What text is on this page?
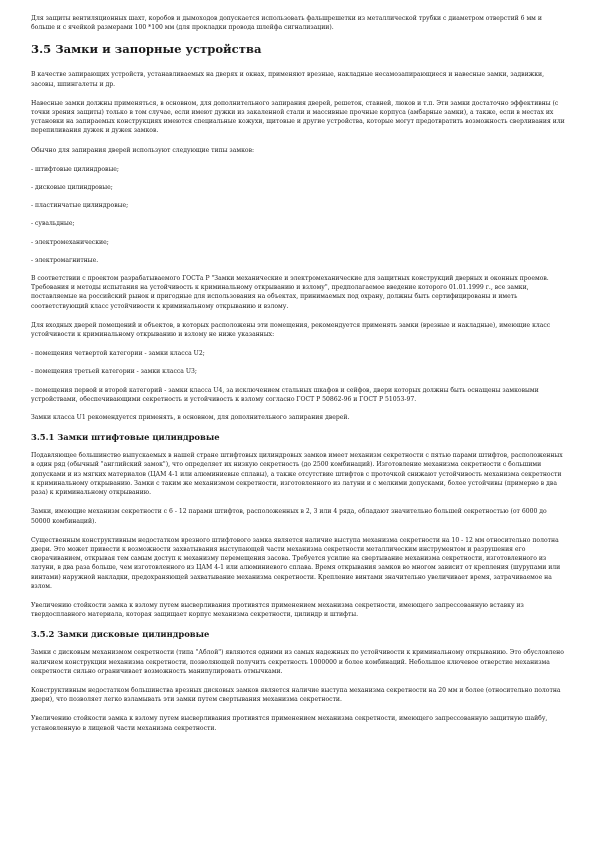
Для защиты вентиляционных шахт, коробов и дымоходов допускается использовать фальшрешетки из металлической трубки с диаметром отверстий 6 мм и больше и с ячейкой размерами 100 *100 мм (для прокладки провода шлейфа сигнализации).

3.5 Замки и запорные устройства

В качестве запирающих устройств, устанавливаемых на дверях и окнах, применяют врезные, накладные несамозапирающиеся и навесные замки, задвижки, засовы, шпингалеты и др.

Навесные замки должны применяться, в основном, для дополнительного запирания дверей, решеток, ставней, люков и т.п. Эти замки достаточно эффективны (с точки зрения защиты) только в том случае, если имеют дужки из закаленной стали и массивные прочные корпуса (амбарные замки), а также, если в местах их установки на запираемых конструкциях имеются специальные кожухи, щитовые и другие устройства, которые могут предотвратить возможность сверливания или перепиливания дужек и дужек замков.

Обычно для запирания дверей используют следующие типы замков:

- штифтовые цилиндровые;

- дисковые цилиндровые;

- пластинчатые цилиндровые;

- сувальдные;

- электромеханические;

- электромагнитные.

В соответствии с проектом разрабатываемого ГОСТа Р "Замки механические и электромеханические для защитных конструкций дверных и оконных проемов. Требования и методы испытания на устойчивость к криминальному открыванию и взлому", предполагаемое введение которого 01.01.1999 г., все замки, поставляемые на российский рынок и пригодные для использования на объектах, принимаемых под охрану, должны быть сертифицированы и иметь соответствующий класс устойчивости к криминальному открыванию и взлому.

Для входных дверей помещений и объектов, в которых расположены эти помещения, рекомендуется применять замки (врезные и накладные), имеющие класс устойчивости к криминальному открыванию и взлому не ниже указанных:

- помещения четвертой категории - замки класса U2;

- помещения третьей категории - замки класса U3;

- помещения первой и второй категорий - замки класса U4, за исключением стальных шкафов и сейфов, двери которых должны быть оснащены замковыми устройствами, обеспечивающими секретность и устойчивость к взлому согласно ГОСТ Р 50862-96 и ГОСТ Р 51053-97.

Замки класса U1 рекомендуется применять, в основном, для дополнительного запирания дверей.

3.5.1 Замки штифтовые цилиндровые

Подавляющее большинство выпускаемых в нашей стране штифтовых цилиндровых замков имеет механизм секретности с пятью парами штифтов, расположенных в один ряд (обычный "английский замок"), что определяет их низкую секретность (до 2500 комбинаций). Изготовление механизма секретности с большими допусками и из мягких материалов (ЦАМ 4-1 или алюминиевые сплавы), а также отсутствие штифтов с проточкой снижают устойчивость механизма секретности к криминальному открыванию. Замки с таким же механизмом секретности, изготовленного из латуни и с мелкими допусками, более устойчивы (примерно в два раза) к криминальному открыванию.

Замки, имеющие механизм секретности с 6 - 12 парами штифтов, расположенных в 2, 3 или 4 ряда, обладают значительно большей секретностью (от 6000 до 50000 комбинаций).

Существенным конструктивным недостатком врезного штифтового замка является наличие выступа механизма секретности на 10 - 12 мм относительно полотна двери. Это может привести к возможности захватывания выступающей части механизма секретности металлическим инструментом и разрушения его сворачиванием, открывая тем самым доступ к механизму перемещения засова. Требуется усилие на свертывание механизма секретности, изготовленного из латуни, в два раза больше, чем изготовленного из ЦАМ 4-1 или алюминиевого сплава. Время открывания замков во многом зависит от крепления (шурупами или винтами) наружной накладки, предохраняющей захватывание механизма секретности. Крепление винтами значительно увеличивает время, затрачиваемое на взлом.

Увеличению стойкости замка к взлому путем высверливания противятся применением механизма секретности, имеющего запрессованную вставку из твердосплавного материала, которая защищает корпус механизма секретности, цилиндр и штифты.

3.5.2 Замки дисковые цилиндровые

Замки с дисковым механизмом секретности (типа "Аблой") являются одними из самых надежных по устойчивости к криминальному открыванию. Это обусловлено наличием конструкции механизма секретности, позволяющей получить секретность 1000000 и более комбинаций. Небольшое ключевое отверстие механизма секретности сильно ограничивает возможность манипулировать отмычками.

Конструктивным недостатком большинства врезных дисковых замков является наличие выступа механизма секретности на 20 мм и более (относительно полотна двери), что позволяет легко взламывать эти замки путем свертывания механизма секретности.

Увеличению стойкости замка к взлому путем высверливания противятся применением механизма секретности, имеющего запрессованную защитную шайбу, установленную в лицевой части механизма секретности.
